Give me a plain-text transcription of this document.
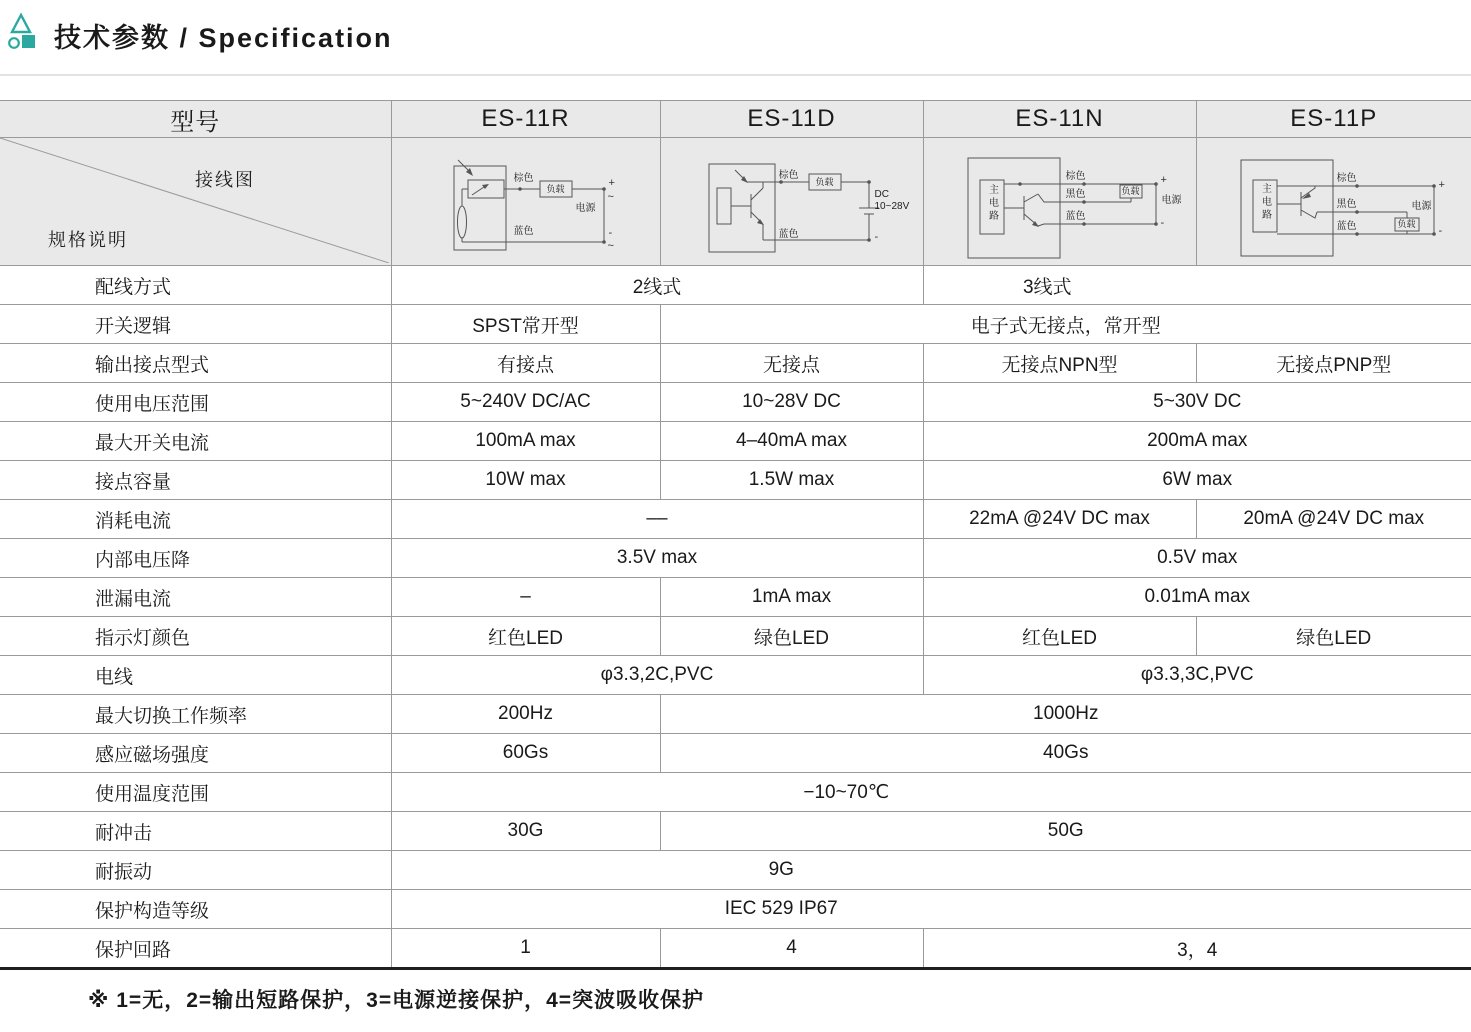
技术参数 / Specification
型号	ES-11R	ES-11D	ES-11N	ES-11P

接线图
规格说明

棕色
负载
电源
蓝色
+
~
-
~

棕色
负载
DC
10~28V
蓝色	-

主电路
棕色
黑色
蓝色
负载
电源
+
-

主电路
棕色
黑色
蓝色	负载
电源
+
-

配线方式	2线式		3线式	
开关逻辑	SPST常开型	电子式无接点，常开型		
输出接点型式	有接点	无接点	无接点NPN型	无接点PNP型
使用电压范围	5~240V DC/AC	10~28V DC	5~30V DC	
最大开关电流	100mA max	4–40mA max	200mA max	
接点容量	10W max	1.5W max	6W max	
消耗电流	––		22mA @24V DC max	20mA @24V DC max
内部电压降	3.5V max		0.5V max	
泄漏电流	–	1mA max	0.01mA max	
指示灯颜色	红色LED	绿色LED	红色LED	绿色LED
电线	φ3.3,2C,PVC		φ3.3,3C,PVC	
最大切换工作频率	200Hz	1000Hz		
感应磁场强度	60Gs	40Gs		
使用温度范围	−10~70℃			
耐冲击	30G	50G		
耐振动	9G			
保护构造等级	IEC 529 IP67			
保护回路	1	4	3，4	
※ 1=无，2=输出短路保护，3=电源逆接保护，4=突波吸收保护
